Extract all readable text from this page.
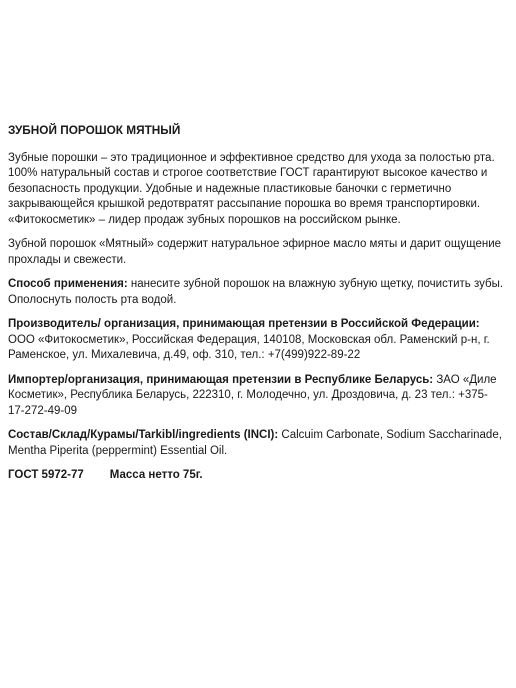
ЗУБНОЙ ПОРОШОК МЯТНЫЙ

Зубные порошки – это традиционное и эффективное средство для ухода за полостью рта. 100% натуральный состав и строгое соответствие ГОСТ гарантируют высокое качество и безопасность продукции. Удобные и надежные пластиковые баночки с герметично закрывающейся крышкой редотвратят рассыпание порошка во время транспортировки. «Фитокосметик» – лидер продаж зубных порошков на российском рынке.

Зубной порошок «Мятный» содержит натуральное эфирное масло мяты и дарит ощущение прохлады и свежести.

Способ применения: нанесите зубной порошок на влажную зубную щетку, почистить зубы. Ополоснуть полость рта водой.

Производитель/ организация, принимающая претензии в Российской Федерации: ООО «Фитокосметик», Российская Федерация, 140108, Московская обл. Раменский р-н, г. Раменское, ул. Михалевича, д.49, оф. 310, тел.: +7(499)922-89-22

Импортер/организация, принимающая претензии в Республике Беларусь: ЗАО «Диле Косметик», Республика Беларусь, 222310, г. Молодечно, ул. Дроздовича, д. 23 тел.: +375-17-272-49-09

Состав/Склад/Курамы/Tarkibl/ingredients (INCI): Calcuim Carbonate, Sodium Saccharinade, Mentha Piperita (peppermint) Essential Oil.

ГОСТ 5972-77 Масса нетто 75г.
